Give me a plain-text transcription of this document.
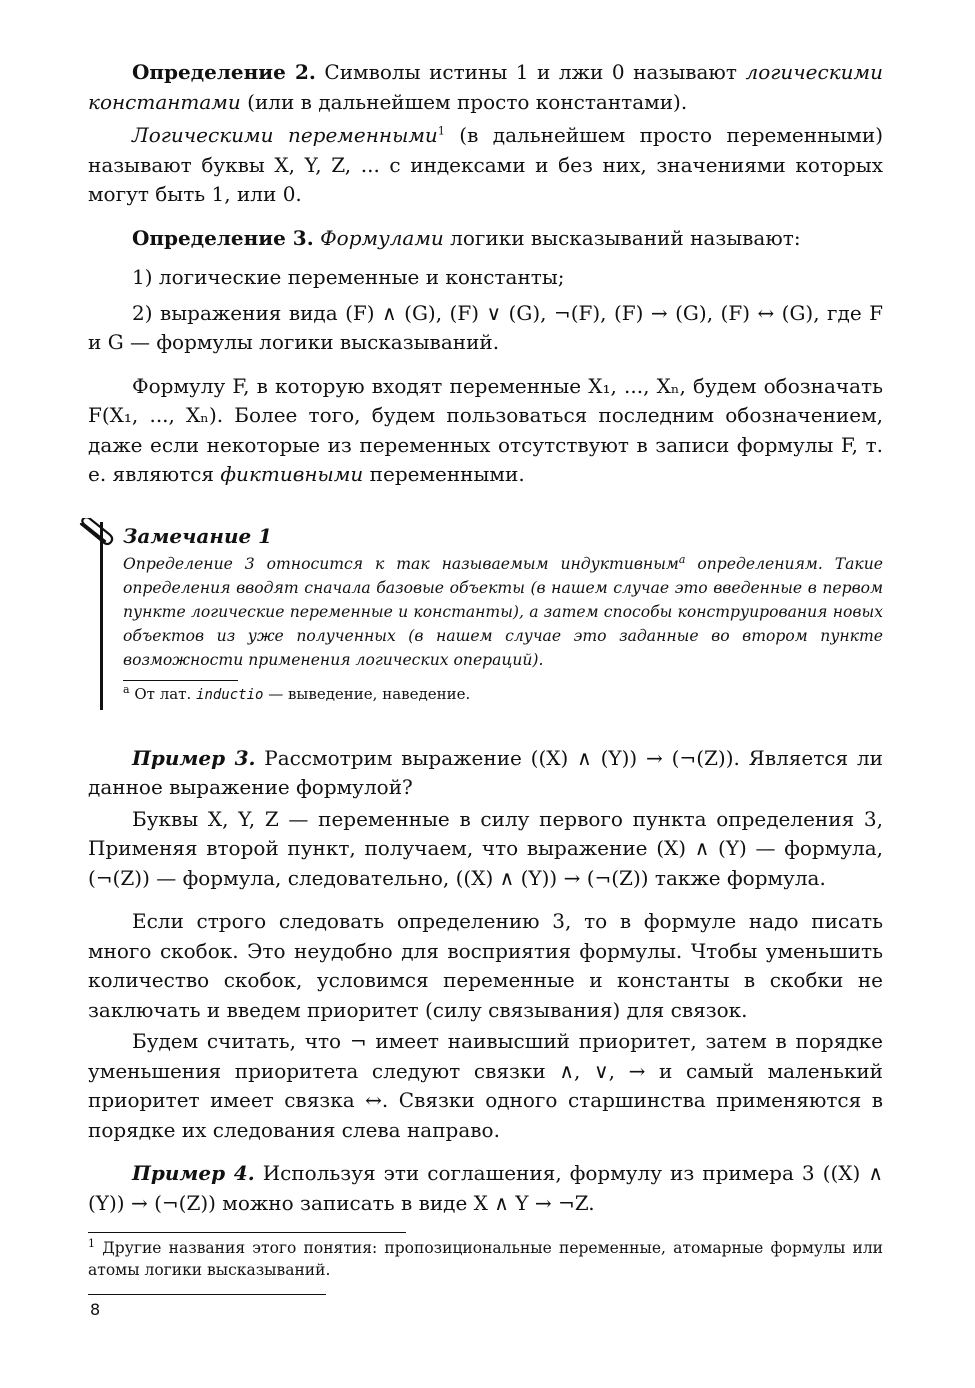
Определение 2. Символы истины 1 и лжи 0 называют логическими константами (или в дальнейшем просто константами).

Логическими переменными$^1$ (в дальнейшем просто переменными) называют буквы X, Y, Z, ... с индексами и без них, значениями которых могут быть 1, или 0.

Определение 3. Формулами логики высказываний называют:

1) логические переменные и константы;

2) выражения вида (F) ∧ (G), (F) ∨ (G), ¬(F), (F) → (G), (F) ↔ (G), где F и G — формулы логики высказываний.

Формулу F, в которую входят переменные X₁, ..., Xₙ, будем обозначать F(X₁, ..., Xₙ). Более того, будем пользоваться последним обозначением, даже если некоторые из переменных отсутствуют в записи формулы F, т. е. являются фиктивными переменными.

Замечание 1
Определение 3 относится к так называемым индуктивным$^a$ определениям. Такие определения вводят сначала базовые объекты (в нашем случае это введенные в первом пункте логические переменные и константы), а затем способы конструирования новых объектов из уже полученных (в нашем случае это заданные во втором пункте возможности применения логических операций).
$^a$ От лат. inductio — выведение, наведение.

Пример 3. Рассмотрим выражение ((X) ∧ (Y)) → (¬(Z)). Является ли данное выражение формулой?

Буквы X, Y, Z — переменные в силу первого пункта определения 3, Применяя второй пункт, получаем, что выражение (X) ∧ (Y) — формула, (¬(Z)) — формула, следовательно, ((X) ∧ (Y)) → (¬(Z)) также формула.

Если строго следовать определению 3, то в формуле надо писать много скобок. Это неудобно для восприятия формулы. Чтобы уменьшить количество скобок, условимся переменные и константы в скобки не заключать и введем приоритет (силу связывания) для связок.

Будем считать, что ¬ имеет наивысший приоритет, затем в порядке уменьшения приоритета следуют связки ∧, ∨, → и самый маленький приоритет имеет связка ↔. Связки одного старшинства применяются в порядке их следования слева направо.

Пример 4. Используя эти соглашения, формулу из примера 3 ((X) ∧ (Y)) → (¬(Z)) можно записать в виде X ∧ Y → ¬Z.

$^1$ Другие названия этого понятия: пропозициональные переменные, атомарные формулы или атомы логики высказываний.

8
